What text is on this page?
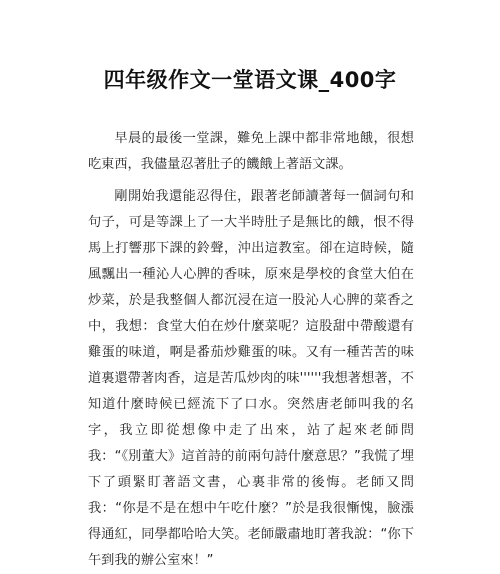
四年级作文一堂语文课_400字

早晨的最後一堂課，難免上課中都非常地餓，很想吃東西，我儘量忍著肚子的饑餓上著語文課。

剛開始我還能忍得住，跟著老師讀著每一個詞句和句子，可是等課上了一大半時肚子是無比的餓，恨不得馬上打響那下課的鈴聲，沖出這教室。卻在這時候，隨風飄出一種沁人心脾的香味，原來是學校的食堂大伯在炒菜，於是我整個人都沉浸在這一股沁人心脾的菜香之中，我想：食堂大伯在炒什麼菜呢？這股甜中帶酸還有雞蛋的味道，啊是番茄炒雞蛋的味。又有一種苦苦的味道裏還帶著肉香，這是苦瓜炒肉的味''''''我想著想著，不知道什麼時候已經流下了口水。突然唐老師叫我的名字，我立即從想像中走了出來，站了起來老師問我：“《別董大》這首詩的前兩句詩什麼意思？”我慌了埋下了頭緊盯著語文書，心裏非常的後悔。老師又問我：“你是不是在想中午吃什麼？”於是我很慚愧，臉漲得通紅，同學都哈哈大笑。老師嚴肅地盯著我說：“你下午到我的辦公室來！”
